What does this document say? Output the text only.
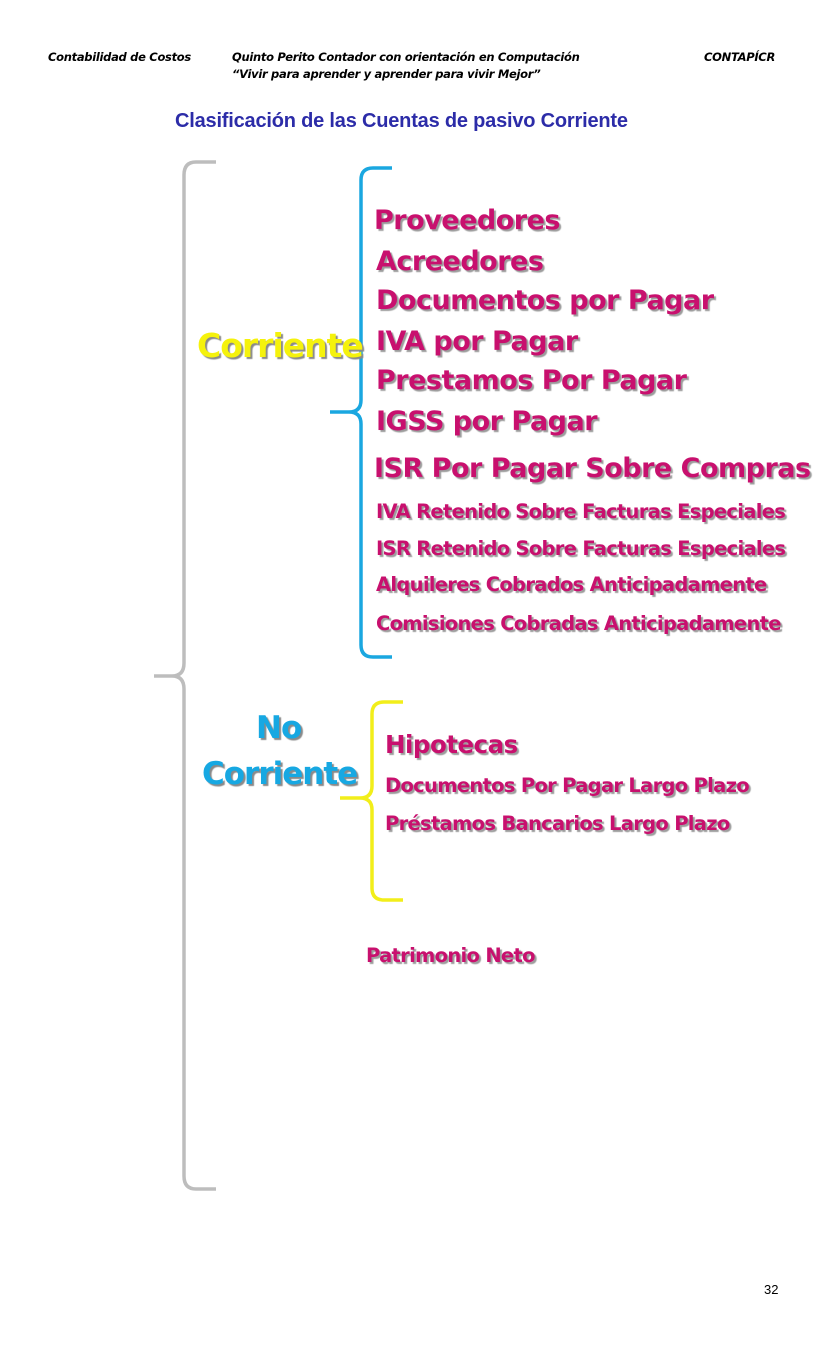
Contabilidad de Costos	Quinto Perito Contador con orientación en Computación
“Vivir para aprender y aprender para vivir Mejor”
CONTAPÍCR
Clasificación de las Cuentas de pasivo Corriente
Corriente
Proveedores
Acreedores
Documentos por Pagar
IVA por Pagar
Prestamos Por Pagar
IGSS por Pagar
ISR Por Pagar Sobre Compras
IVA Retenido Sobre Facturas Especiales
ISR Retenido Sobre Facturas Especiales
Alquileres Cobrados Anticipadamente
Comisiones Cobradas Anticipadamente
No
Corriente
Hipotecas
Documentos Por Pagar Largo Plazo
Préstamos Bancarios Largo Plazo
Patrimonio Neto
32
